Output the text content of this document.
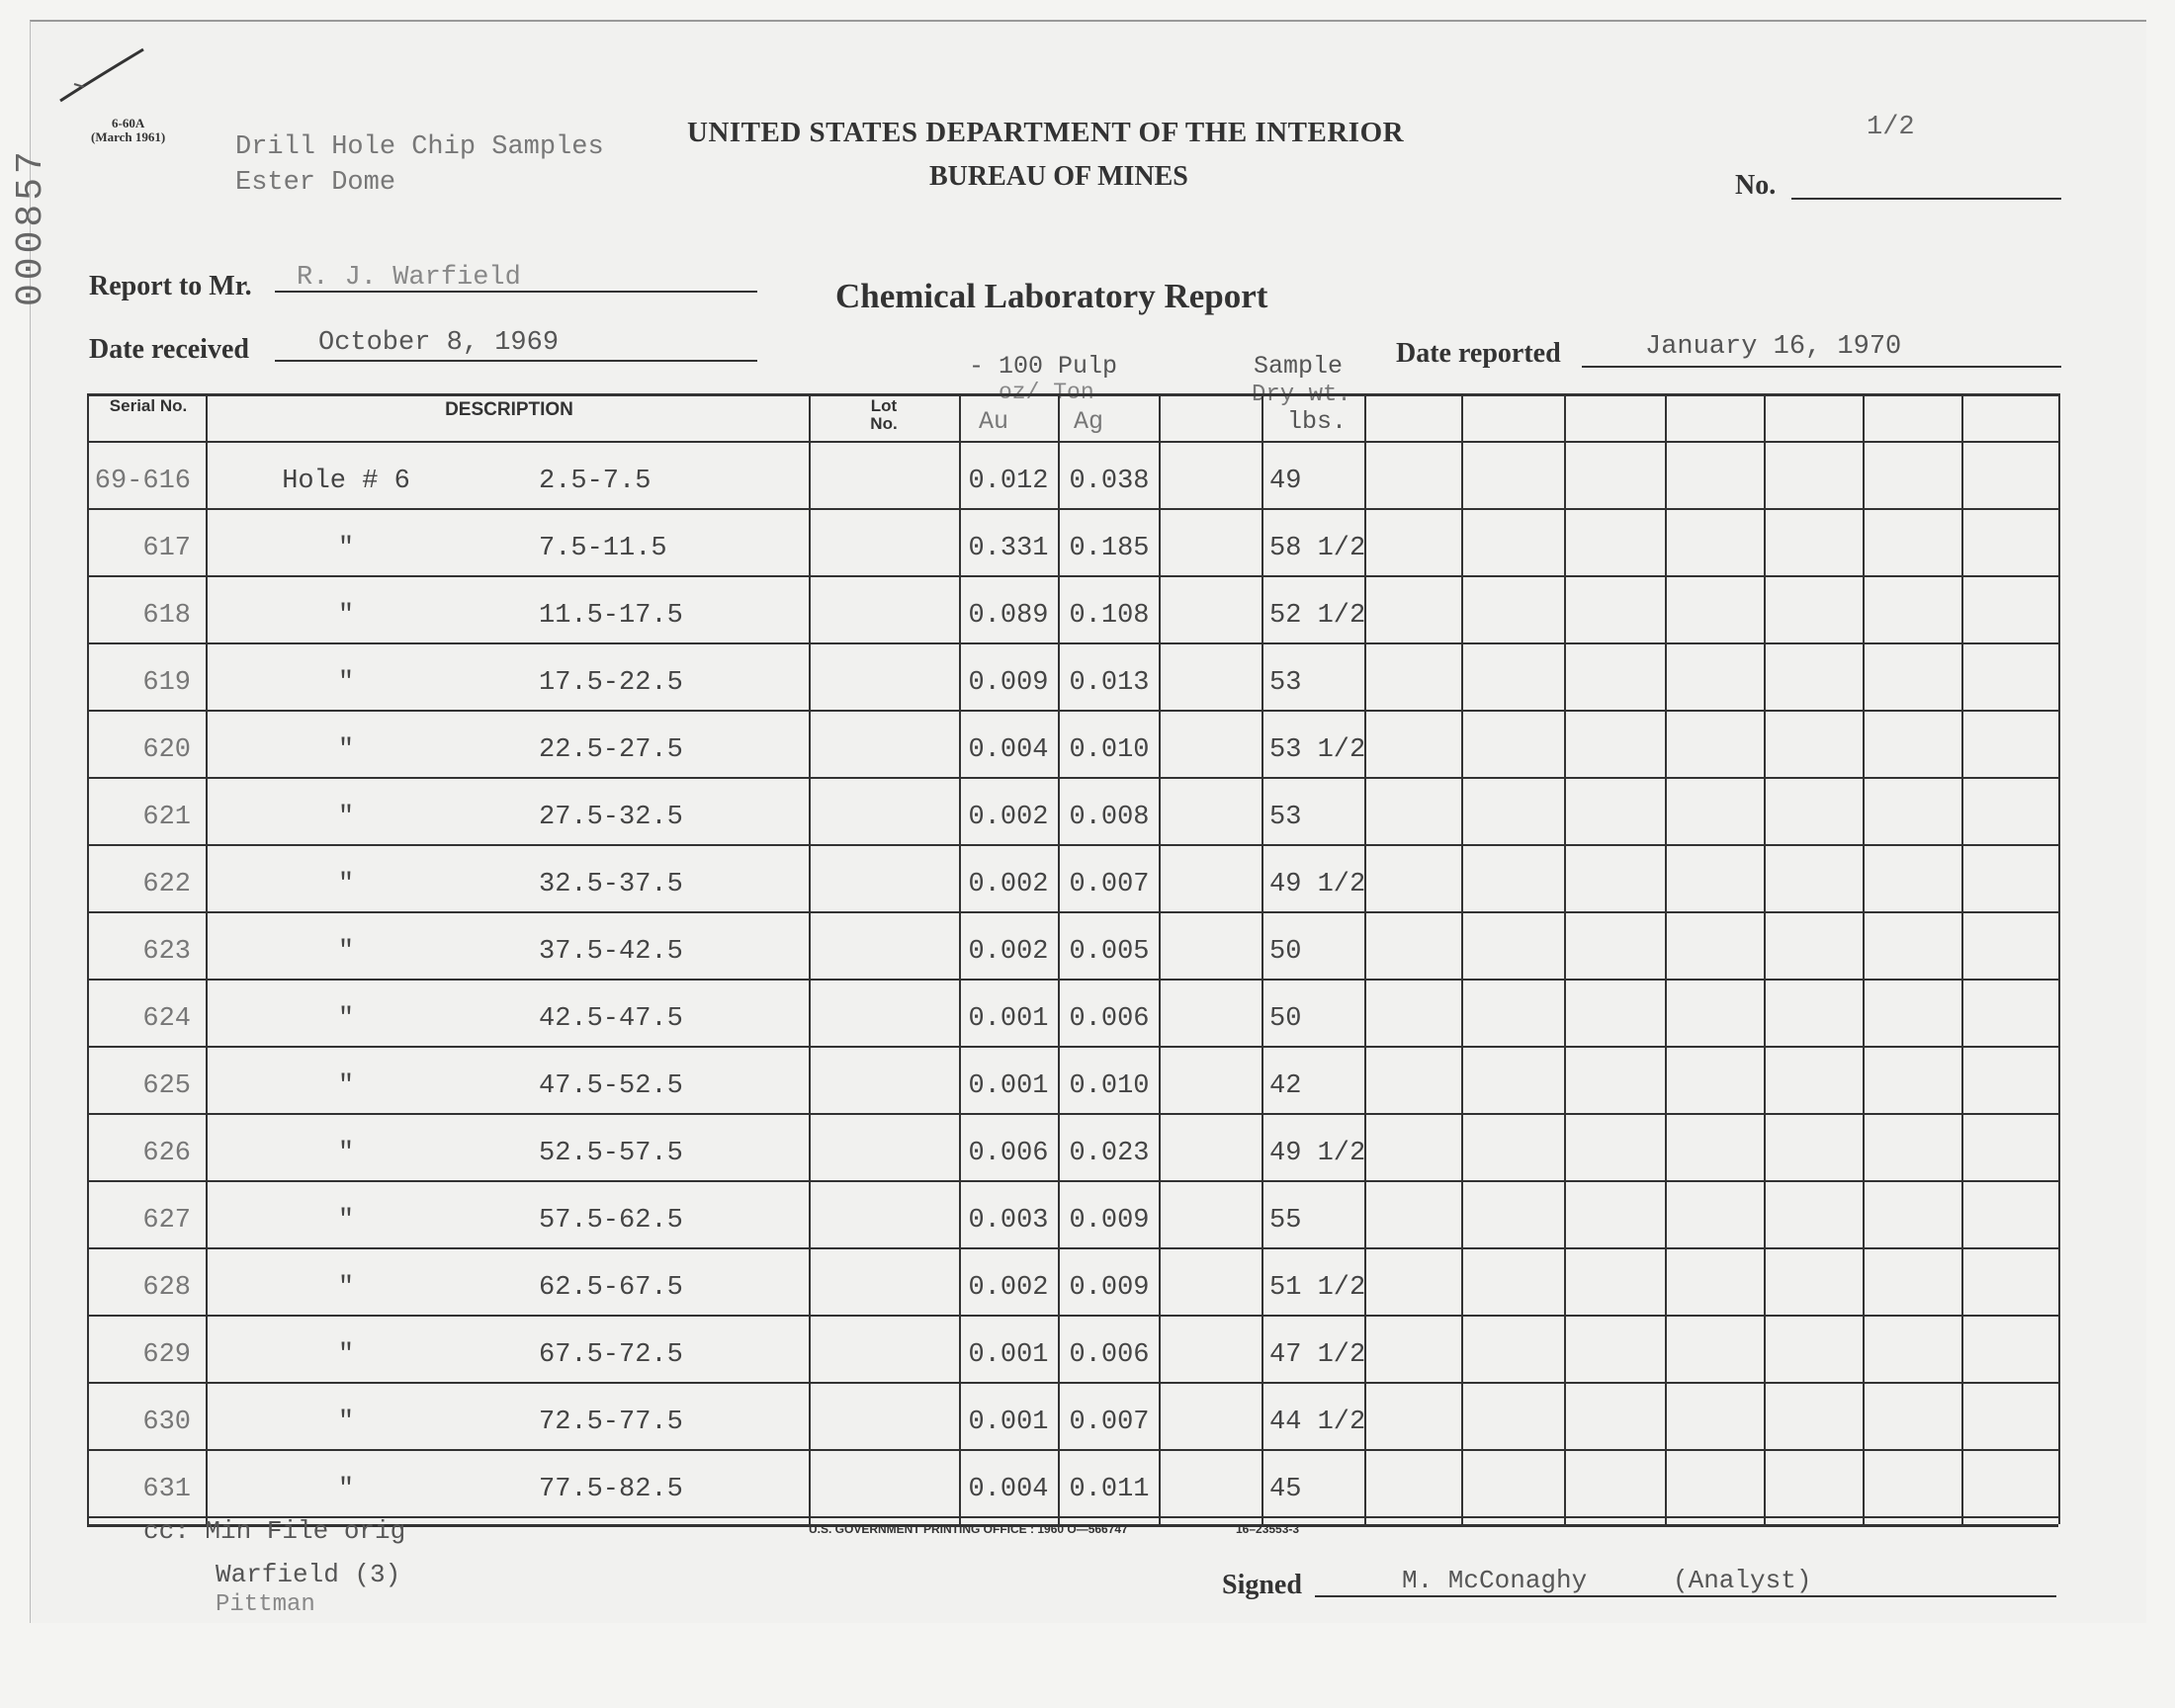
6-60A
(March 1961)
000857
Drill Hole Chip Samples
Ester Dome
UNITED STATES DEPARTMENT OF THE INTERIOR
BUREAU OF MINES
1/2
No.
Report to Mr. R. J. Warfield	Chemical Laboratory Report
Date received	October 8, 1969	Date reported	January 16, 1970
- 100 Pulp
oz/ Ton
Sample
Dry wt.
lbs.
Au	Ag
Serial No.	DESCRIPTION	Lot No.
69-616	Hole # 6	2.5-7.5	0.012 0.038	49
617	"	7.5-11.5	0.331 0.185	58 1/2
618	"	11.5-17.5	0.089 0.108	52 1/2
619	"	17.5-22.5	0.009 0.013	53
620	"	22.5-27.5	0.004 0.010	53 1/2
621	"	27.5-32.5	0.002 0.008	53
622	"	32.5-37.5	0.002 0.007	49 1/2
623	"	37.5-42.5	0.002 0.005	50
624	"	42.5-47.5	0.001 0.006	50
625	"	47.5-52.5	0.001 0.010	42
626	"	52.5-57.5	0.006 0.023	49 1/2
627	"	57.5-62.5	0.003 0.009	55
628	"	62.5-67.5	0.002 0.009	51 1/2
629	"	67.5-72.5	0.001 0.006	47 1/2
630	"	72.5-77.5	0.001 0.007	44 1/2
631	"	77.5-82.5	0.004 0.011	45
cc: Min File orig
Warfield (3)
Pittman
U.S. GOVERNMENT PRINTING OFFICE : 1960 O—566747	16–23553-3
Signed	M. McConaghy	(Analyst)
